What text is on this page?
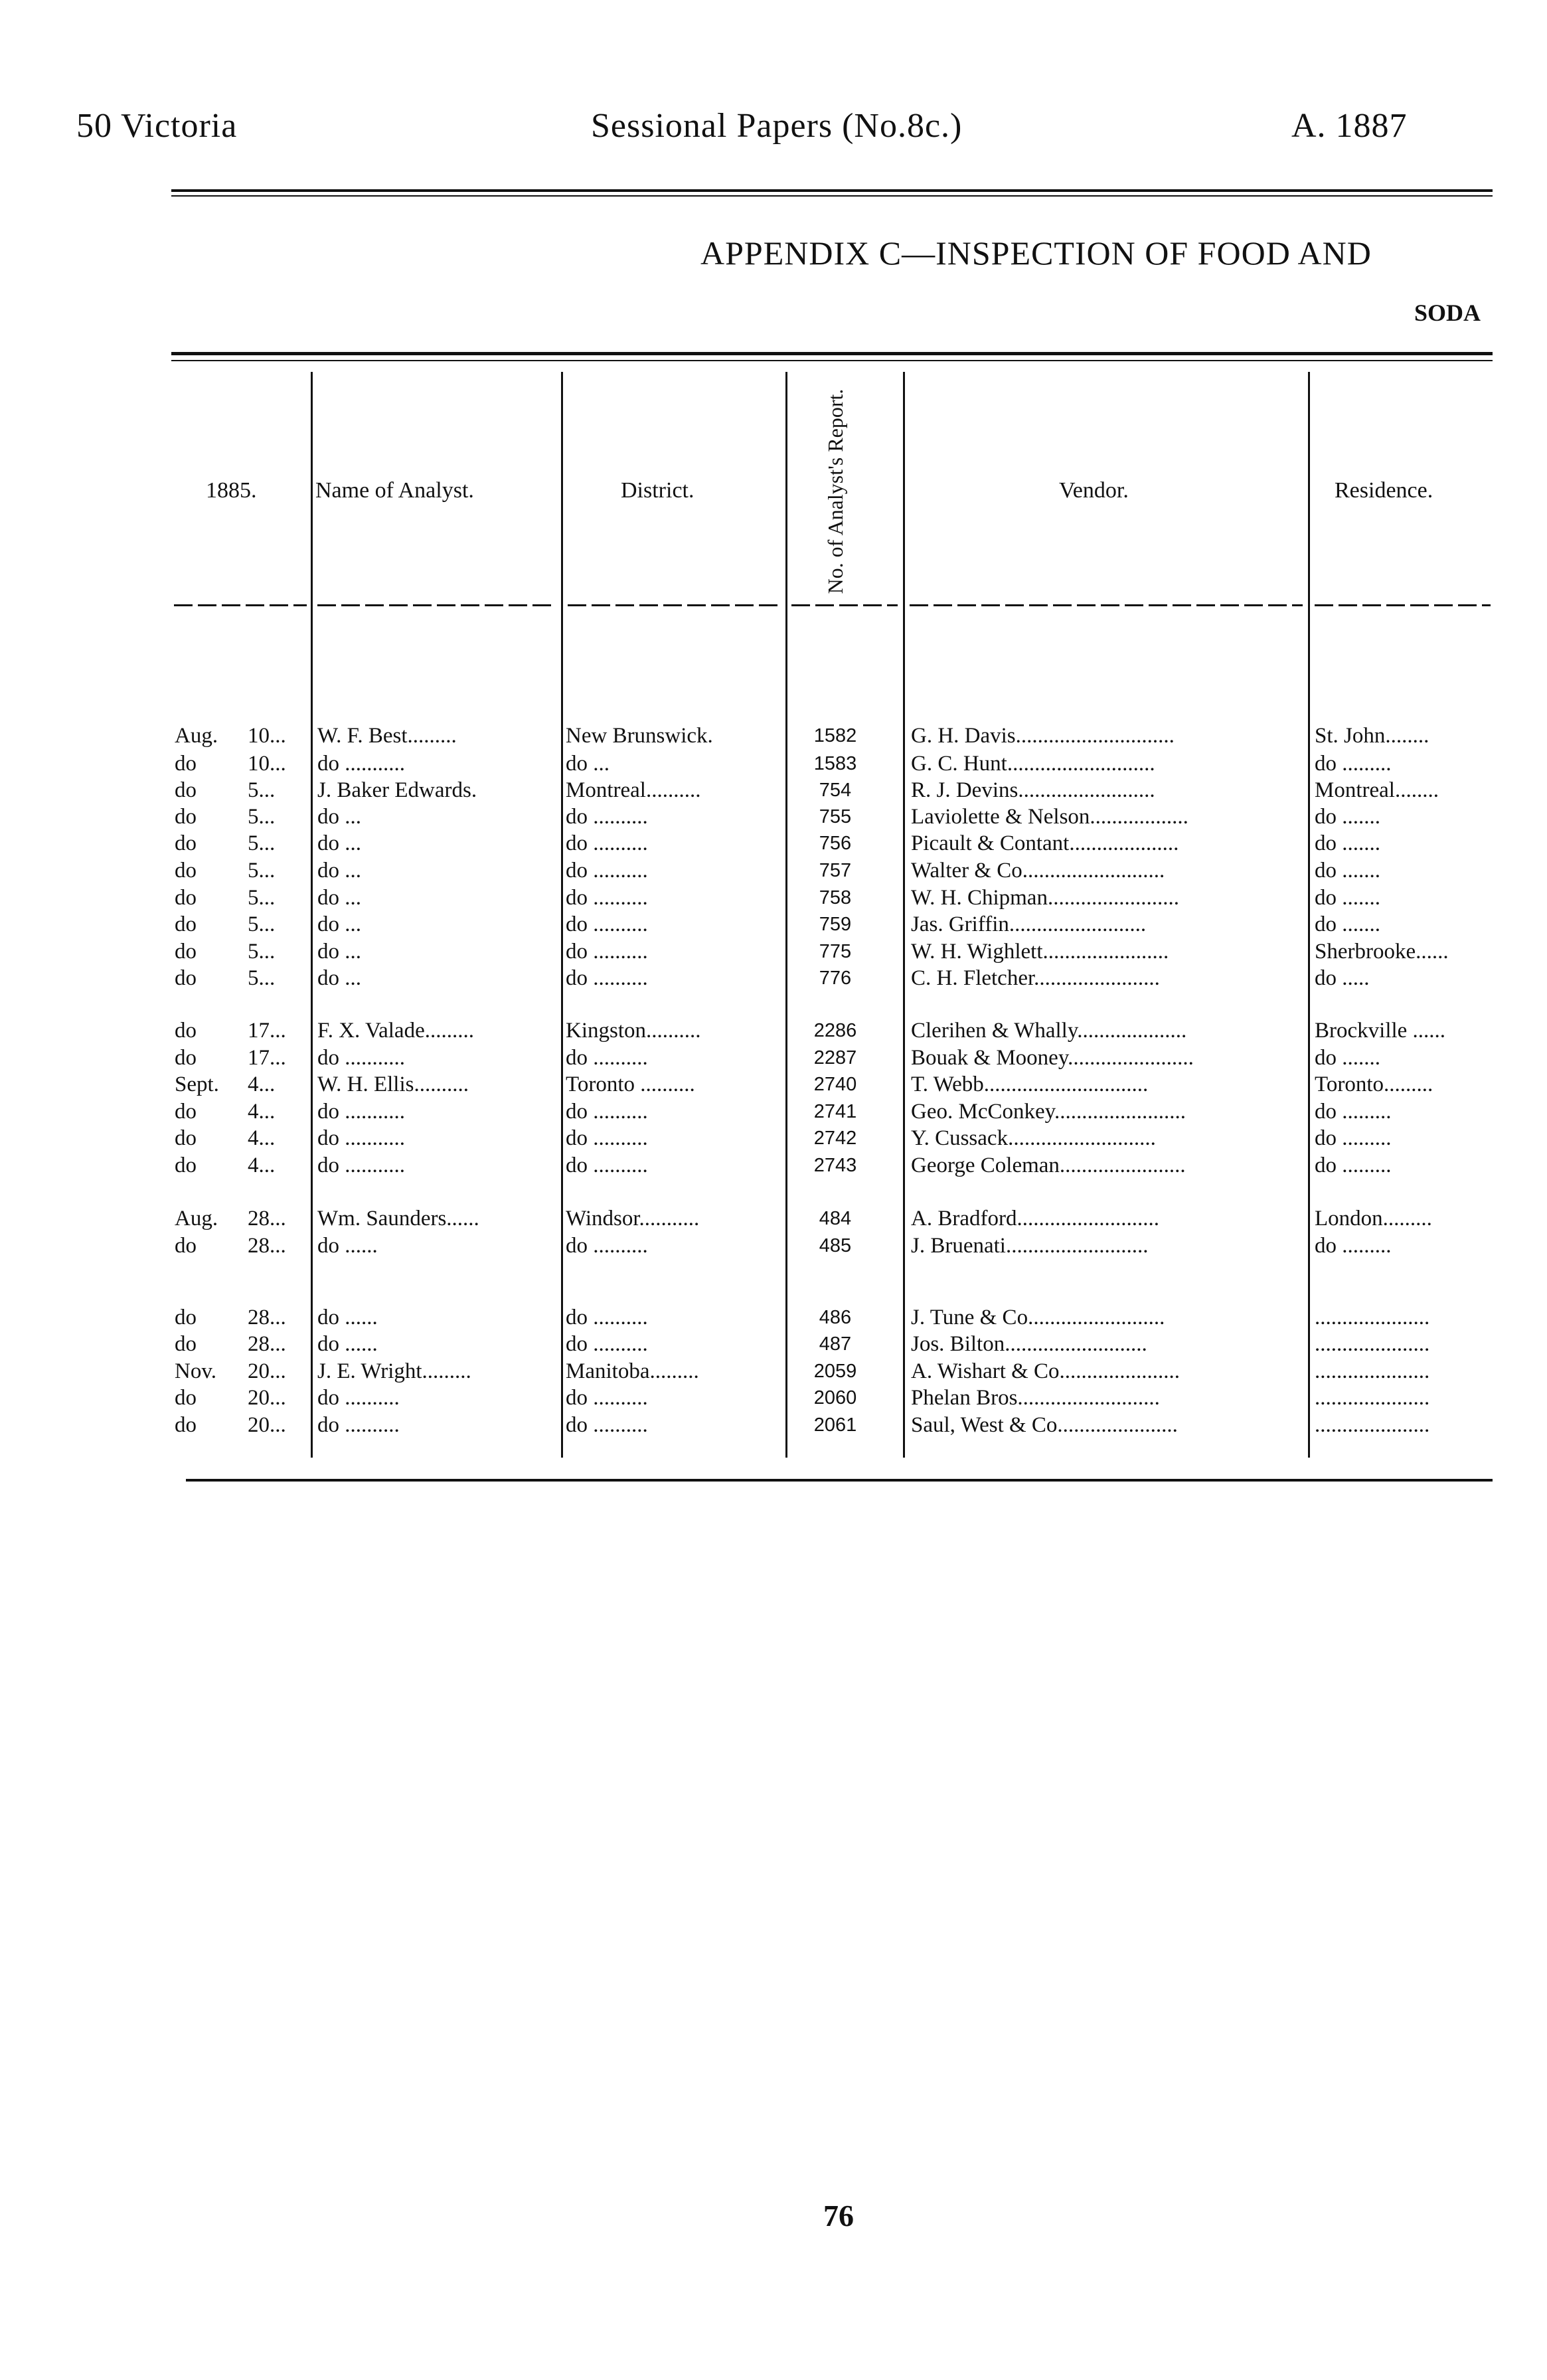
50 Victoria	Sessional Papers (No.8c.)	A. 1887
APPENDIX C—INSPECTION OF FOOD AND
SODA
1885.	Name of Analyst.	District.	No. of Analyst's Report.	Vendor.	Residence.
Aug.	10...	W. F. Best.........	New Brunswick.	1582	G. H. Davis.............................	St. John........
do	10...	do ...........	do ...	1583	G. C. Hunt...........................	do .........
do	5...	J. Baker Edwards.	Montreal..........	754	R. J. Devins.........................	Montreal........
do	5...	do ...	do ..........	755	Laviolette & Nelson..................	do .......
do	5...	do ...	do ..........	756	Picault & Contant....................	do .......
do	5...	do ...	do ..........	757	Walter & Co..........................	do .......
do	5...	do ...	do ..........	758	W. H. Chipman........................	do .......
do	5...	do ...	do ..........	759	Jas. Griffin.........................	do .......
do	5...	do ...	do ..........	775	W. H. Wighlett.......................	Sherbrooke......
do	5...	do ...	do ..........	776	C. H. Fletcher.......................	do .....
do	17...	F. X. Valade.........	Kingston..........	2286	Clerihen & Whally....................	Brockville ......
do	17...	do ...........	do ..........	2287	Bouak & Mooney.......................	do .......
Sept.	4...	W. H. Ellis..........	Toronto ..........	2740	T. Webb..............................	Toronto.........
do	4...	do ...........	do ..........	2741	Geo. McConkey........................	do .........
do	4...	do ...........	do ..........	2742	Y. Cussack...........................	do .........
do	4...	do ...........	do ..........	2743	George Coleman.......................	do .........
Aug.	28...	Wm. Saunders......	Windsor...........	484	A. Bradford..........................	London.........
do	28...	do ......	do ..........	485	J. Bruenati..........................	do .........
do	28...	do ......	do ..........	486	J. Tune & Co.........................	.....................
do	28...	do ......	do ..........	487	Jos. Bilton..........................	.....................
Nov.	20...	J. E. Wright.........	Manitoba.........	2059	A. Wishart & Co......................	.....................
do	20...	do ..........	do ..........	2060	Phelan Bros..........................	.....................
do	20...	do ..........	do ..........	2061	Saul, West & Co......................	.....................
76
